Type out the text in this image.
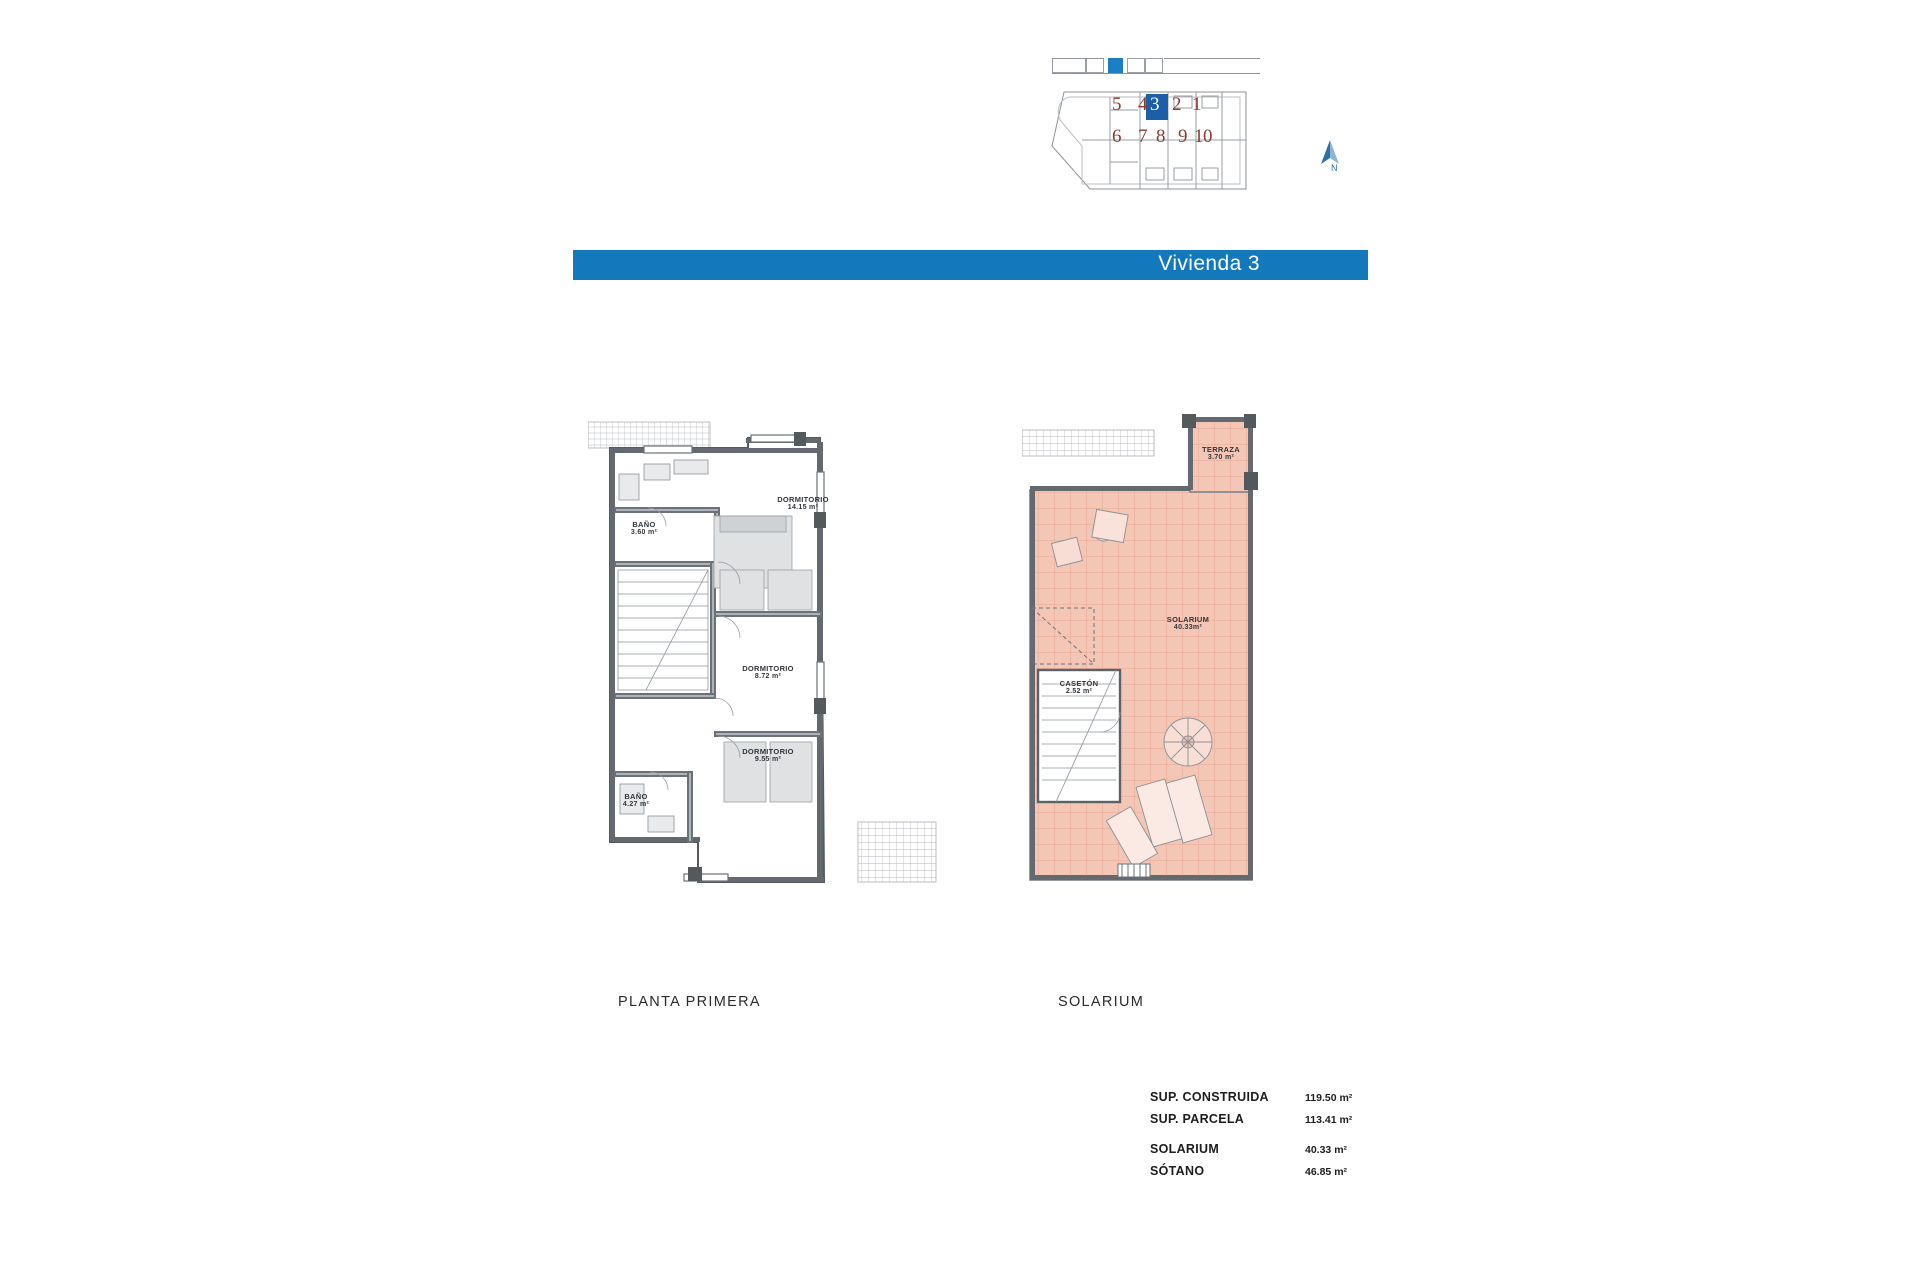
3
5 4 2 1
6 7 8 9 10
N
Vivienda 3
DORMITORIO
14.15 m²
BAÑO
3.60 m²
DORMITORIO
8.72 m²
DORMITORIO
9.55 m²
BAÑO
4.27 m²
TERRAZA
3.70 m²
SOLARIUM
40.33m²
CASETÓN
2.52 m²
PLANTA PRIMERA	SOLARIUM
SUP. CONSTRUIDA	119.50 m²
SUP. PARCELA	113.41 m²
SOLARIUM	40.33 m²
SÓTANO	46.85 m²
